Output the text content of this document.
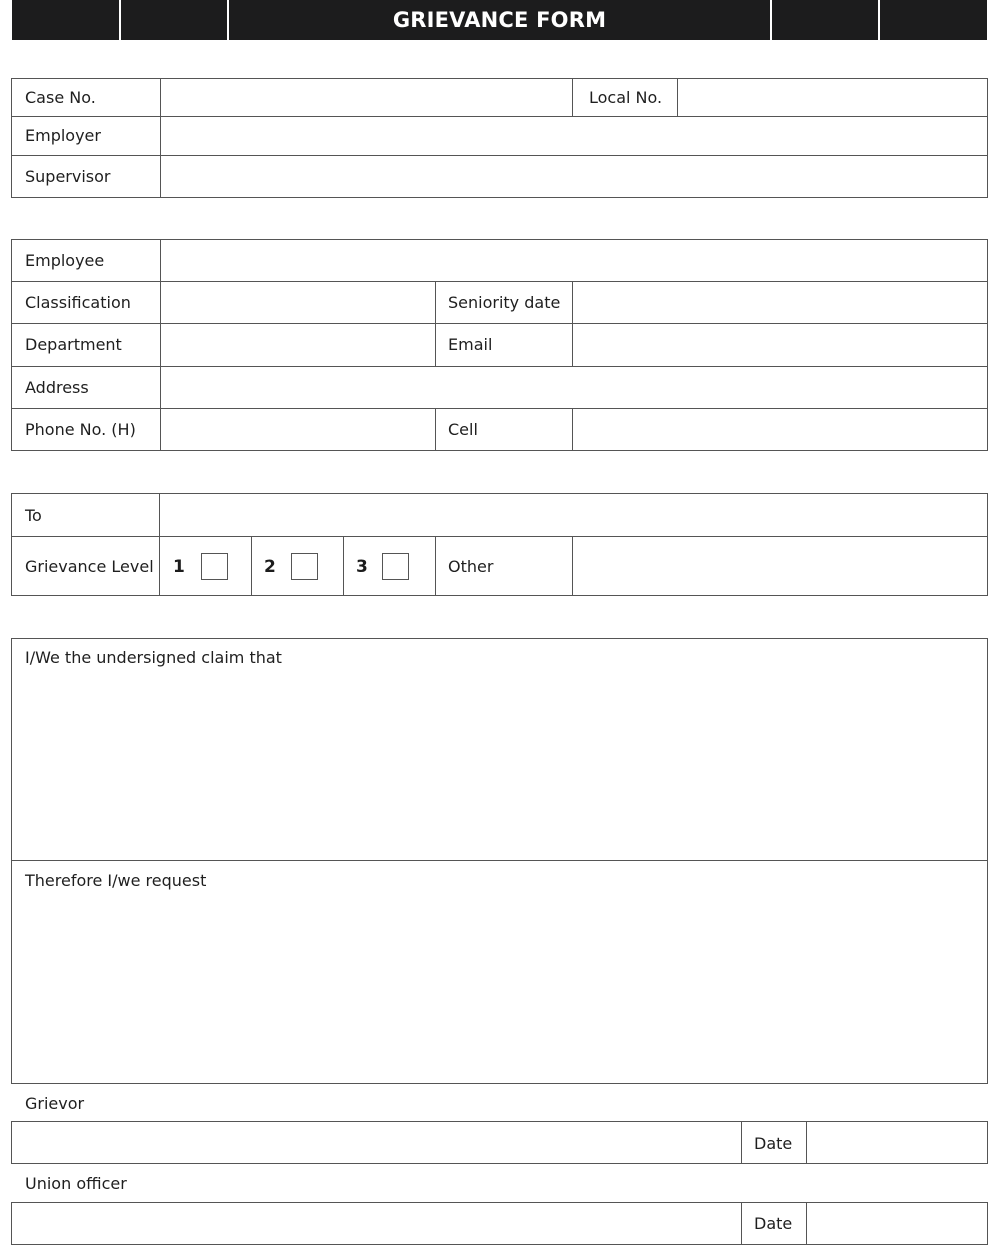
GRIEVANCE FORM
Case No.	Local No.
Employer
Supervisor
Employee
Classification	Seniority date
Department	Email
Address
Phone No. (H)	Cell
To
Grievance Level 1	2	3	Other
I/We the undersigned claim that
Therefore I/we request
Grievor
Date
Union officer
Date
